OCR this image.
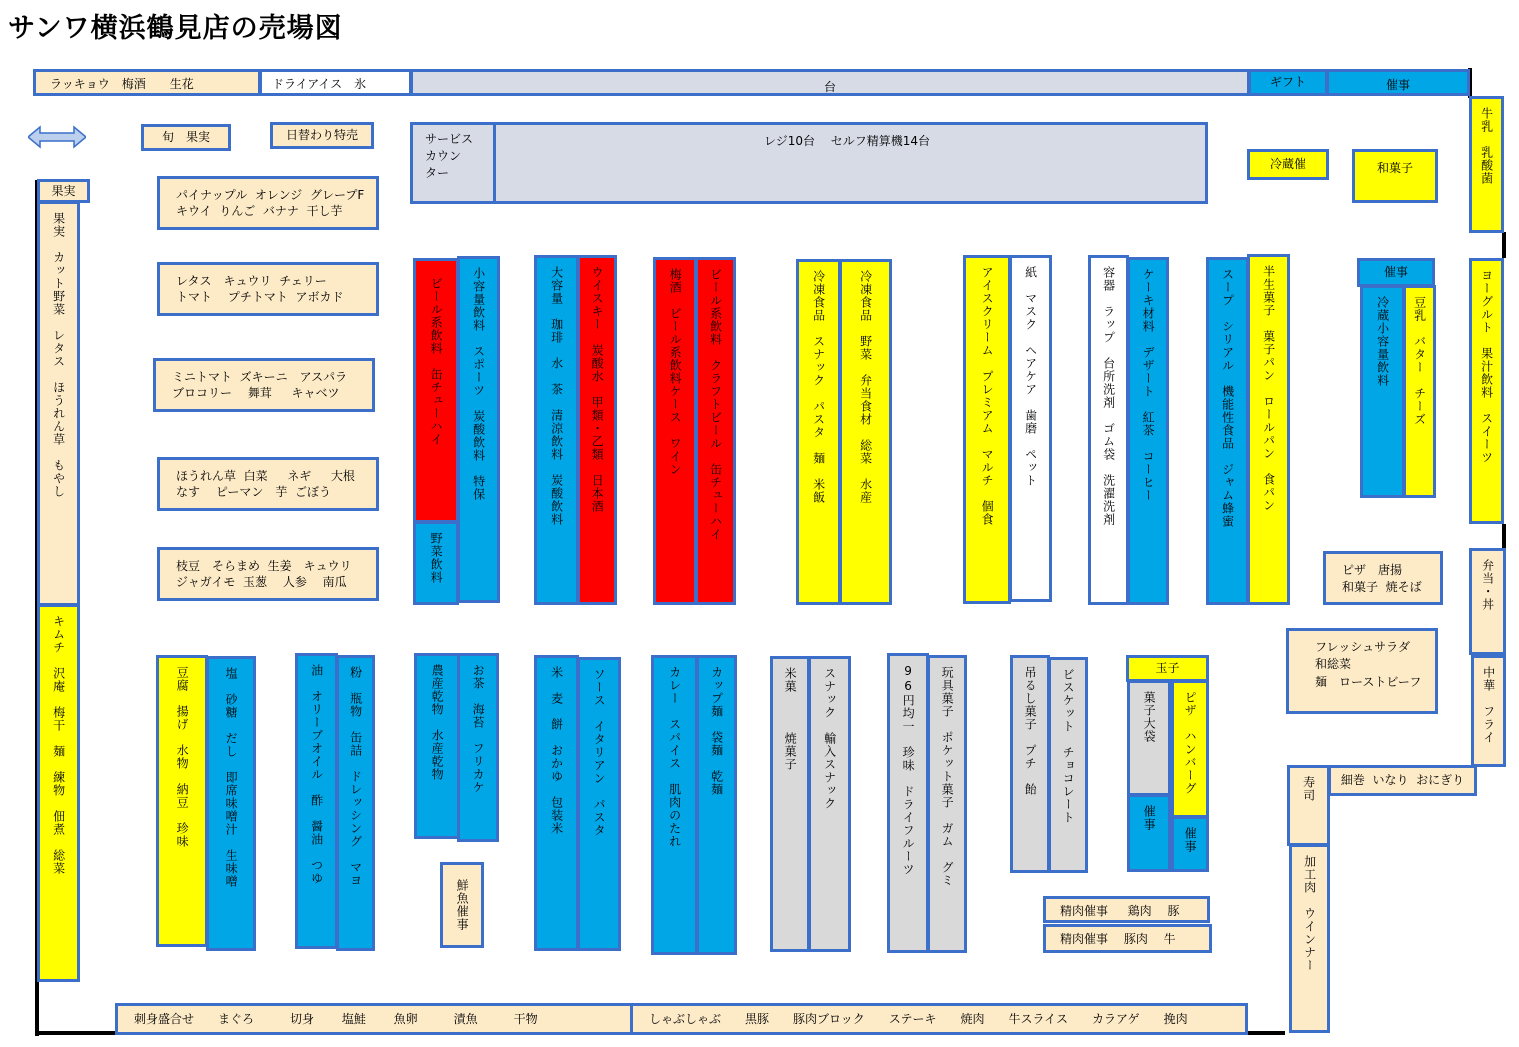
サンワ横浜鶴見店の売場図
ラッキョウ　梅酒　　生花	ドライアイス　氷	台	ギフト	催事
旬　果実	日替わり特売
果実
サービス
カウン
ター
レジ10台　 セルフ精算機14台
パイナップル  オレンジ  グレープF
キウイ  りんご  バナナ  干し芋
レタス　キュウリ  チェリー
トマト　 プチトマト  アボカド
ミニトマト  ズキーニ　アスパラ
ブロコリー　 舞茸　  キャベツ
ほうれん草  白菜　  ネギ　  大根
なす　 ピーマン　芋  ごぼう
枝豆　そらまめ  生姜　キュウリ
ジャガイモ  玉葱　 人参　 南瓜
果実　カット野菜　レタス　ほうれん草　もやし
キムチ　沢庵　梅干　麺　練物　佃煮　総菜
冷蔵催	和菓子	牛乳　乳酸菌
ヨーグルト　果汁飲料　スイーツ
催事
冷蔵小容量飲料	豆乳　バター　チーズ
ビール系飲料　缶チューハイ
野菜飲料
小容量飲料　スポーツ　炭酸飲料　特保	大容量　珈琲　水　茶　清涼飲料　炭酸飲料	ウイスキー　炭酸水　甲類・乙類　日本酒	梅酒　ビール系飲料ケース　ワイン	ビール系飲料　クラフトビール　缶チューハイ	冷凍食品　スナック　パスタ　麺　米飯	冷凍食品　野菜　弁当食材　総菜　水産	アイスクリーム　プレミアム　マルチ　個食	紙　マスク　ヘアケア　歯磨　ペット	容器　ラップ　台所洗剤　ゴム袋　洗濯洗剤	ケーキ材料　デザート　紅茶　コーヒー	スープ　シリアル　機能性食品　ジャム蜂蜜	半生菓子　菓子パン　ロールパン　食パン
豆腐　揚げ　水物　納豆　珍味	塩　砂糖　だし　即席味噌汁　生味噌	油　オリーブオイル　酢　醤油　つゆ	粉　瓶物　缶詰　ドレッシング　マヨ	農産乾物　水産乾物	お茶　海苔　フリカケ
鮮魚催事
米　麦　餅　おかゆ　包装米	ソース　イタリアン　パスタ	カレー　スパイス　肌肉のたれ	カップ麺　袋麺　乾麺	米菓　　　焼菓子	スナック　輸入スナック	96円均一　珍味　ドライフルーツ	玩具菓子　ポケット菓子　ガム　グミ	吊るし菓子　プチ　飴	ビスケット　チョコレート	玉子
菓子大袋	ピザ　ハンバーグ
催事
催事
精肉催事　  鶏肉　 豚
精肉催事　 豚肉　 牛
ピザ　唐揚
和菓子  焼そば	弁当・丼
フレッシュサラダ
和総菜
麺　ローストビーフ	中華　フライ
寿司	細巻  いなり  おにぎり
加工肉　ウインナー
刺身盛合せ　　まぐろ　　　切身　　 塩鮭　　 魚卵　　　漬魚　　　干物	しゃぶしゃぶ　　黒豚　　豚肉ブロック　　ステーキ　　焼肉　　牛スライス　　カラアゲ　　挽肉
